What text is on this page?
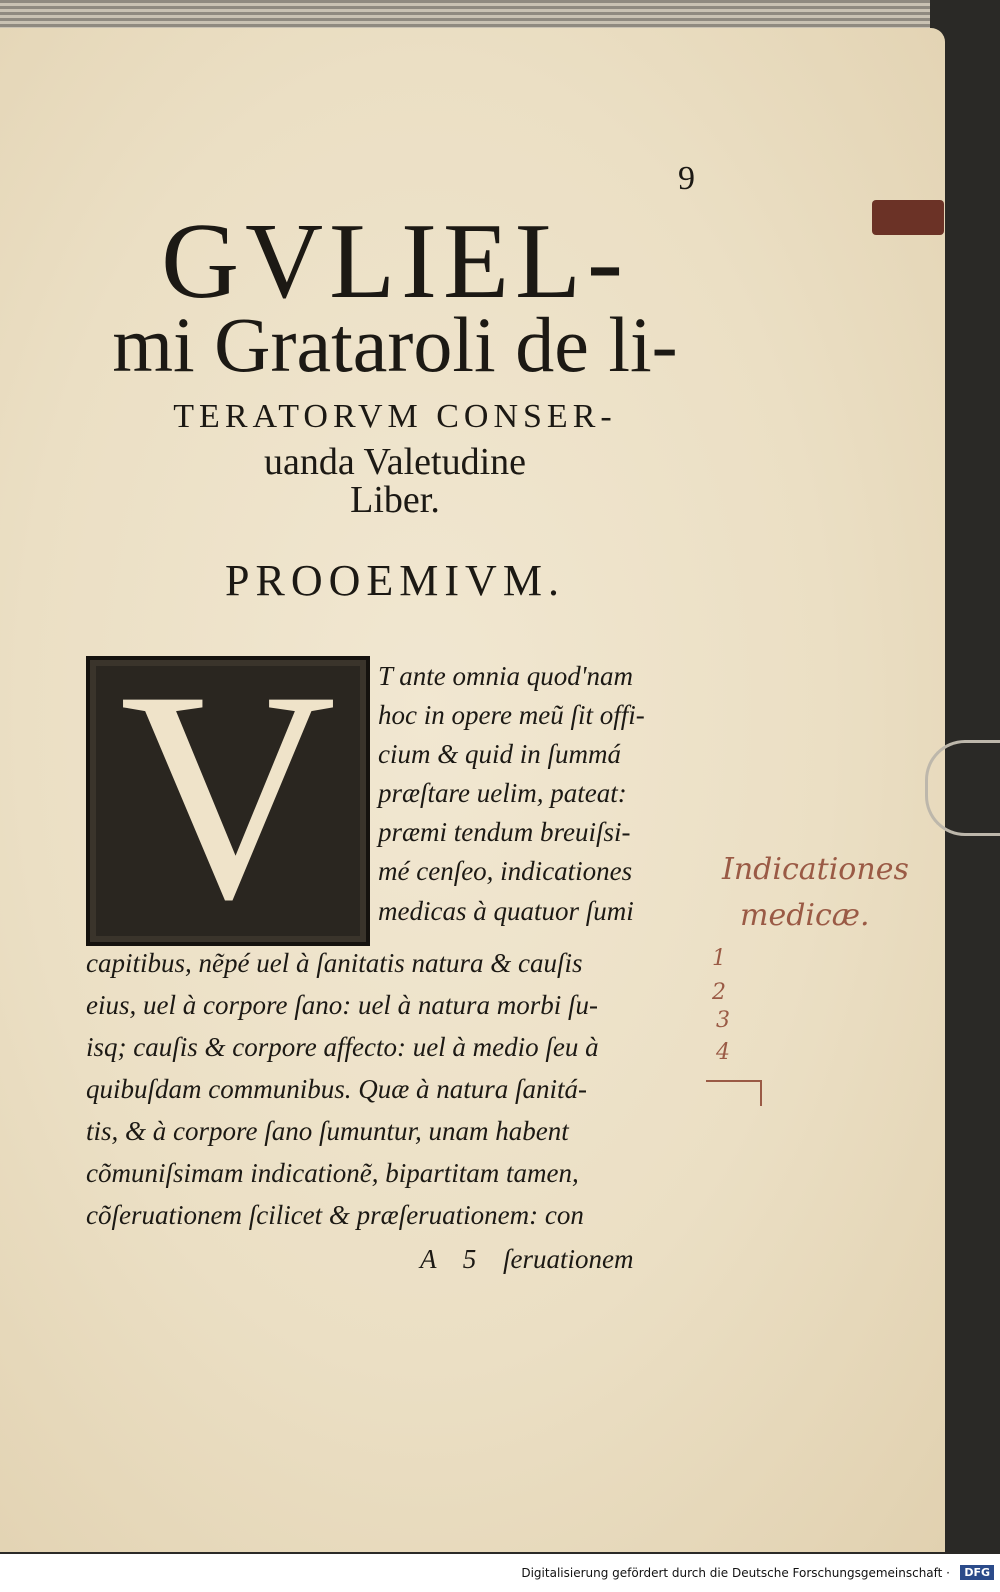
9
GVLIEL-
mi Grataroli de li-
TERATORVM CONSER-
uanda Valetudine
Liber.
PROOEMIVM.
V	T ante omnia quod'nam
hoc in opere meũ ſit offi-
cium & quid in ſummá
præſtare uelim, pateat:
præmi tendum breuiſsi-
mé cenſeo, indicationes
medicas à quatuor ſumi
capitibus, nẽpé uel à ſanitatis natura & cauſis
eius, uel à corpore ſano: uel à natura morbi ſu-
isq; cauſis & corpore affecto: uel à medio ſeu à
quibuſdam communibus. Quæ à natura ſanitá-
tis, & à corpore ſano ſumuntur, unam habent
cõmuniſsimam indicationẽ, bipartitam tamen,
cõſeruationem ſcilicet & præſeruationem: con
A 5 ſeruationem
Indicationes
medicæ.
1
2
3
4
Digitalisierung gefördert durch die Deutsche Forschungsgemeinschaft ·	DFG
